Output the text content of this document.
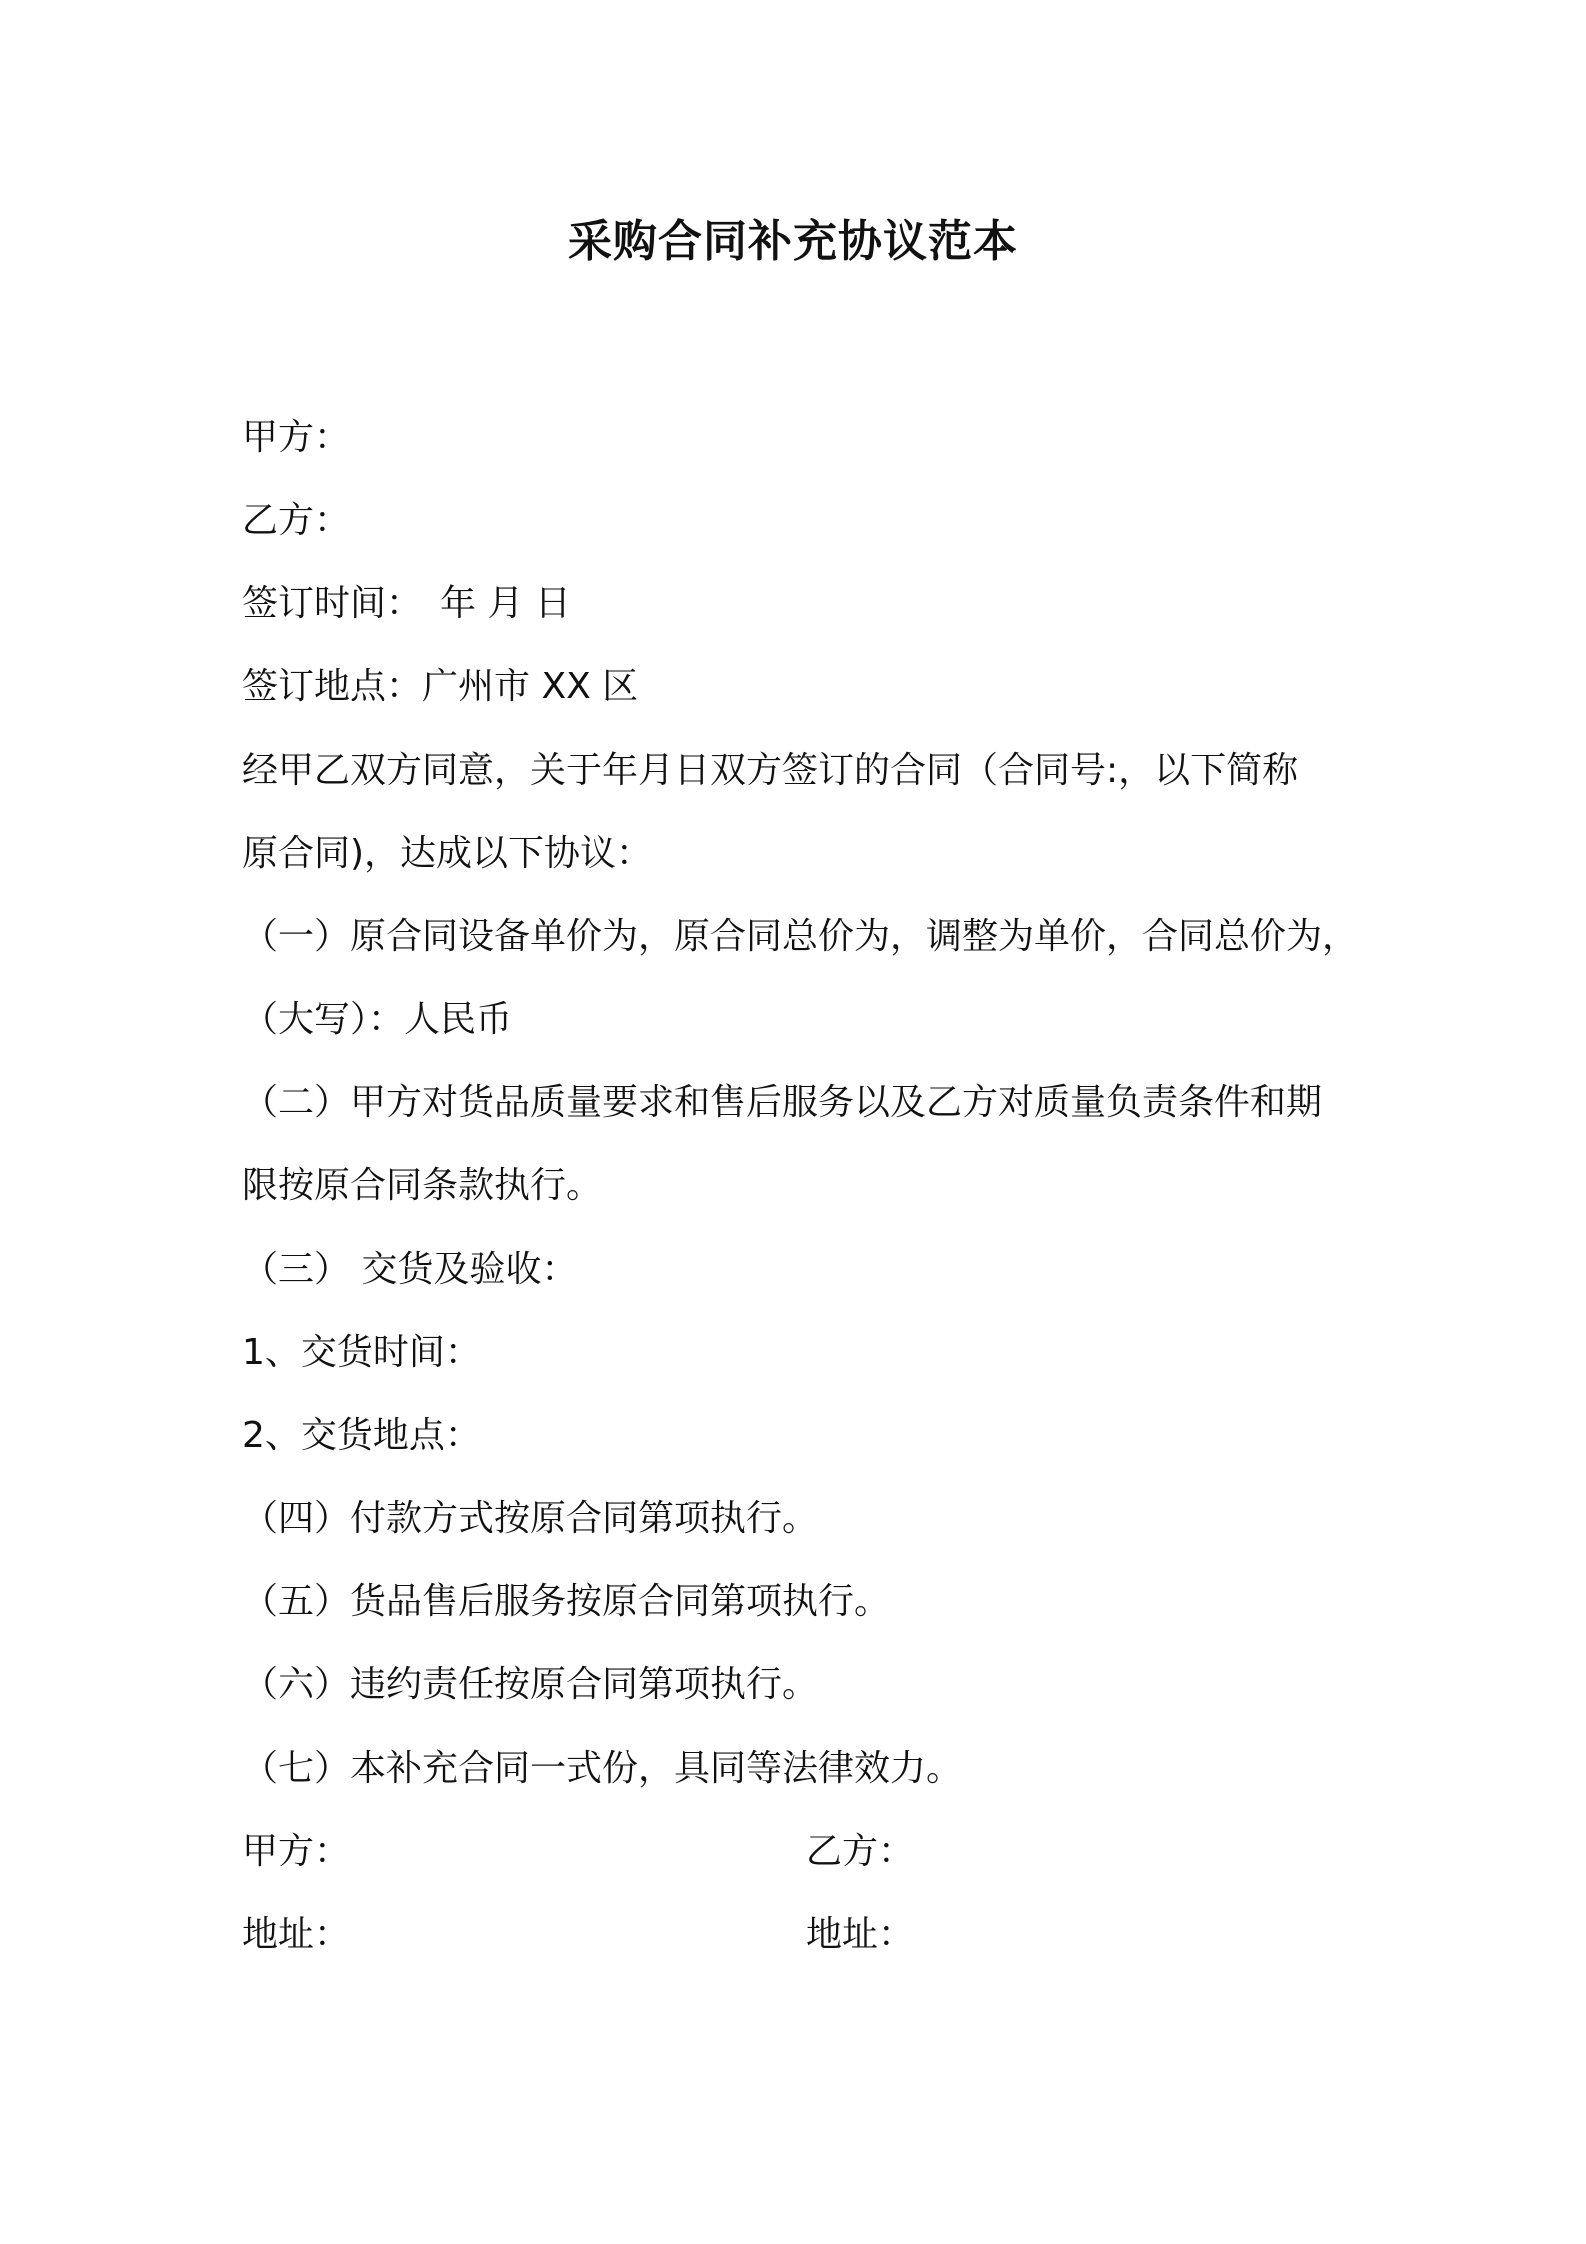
采购合同补充协议范本
甲方：
乙方：
签订时间：　年 月 日
签订地点：广州市 XX 区
经甲乙双方同意，关于年月日双方签订的合同（合同号:，以下简称
原合同)，达成以下协议：
（一）原合同设备单价为，原合同总价为，调整为单价，合同总价为，
（大写）：人民币
（二）甲方对货品质量要求和售后服务以及乙方对质量负责条件和期
限按原合同条款执行。
（三） 交货及验收：
1、交货时间：
2、交货地点：
（四）付款方式按原合同第项执行。
（五）货品售后服务按原合同第项执行。
（六）违约责任按原合同第项执行。
（七）本补充合同一式份，具同等法律效力。
甲方：	乙方：
地址：	地址：
